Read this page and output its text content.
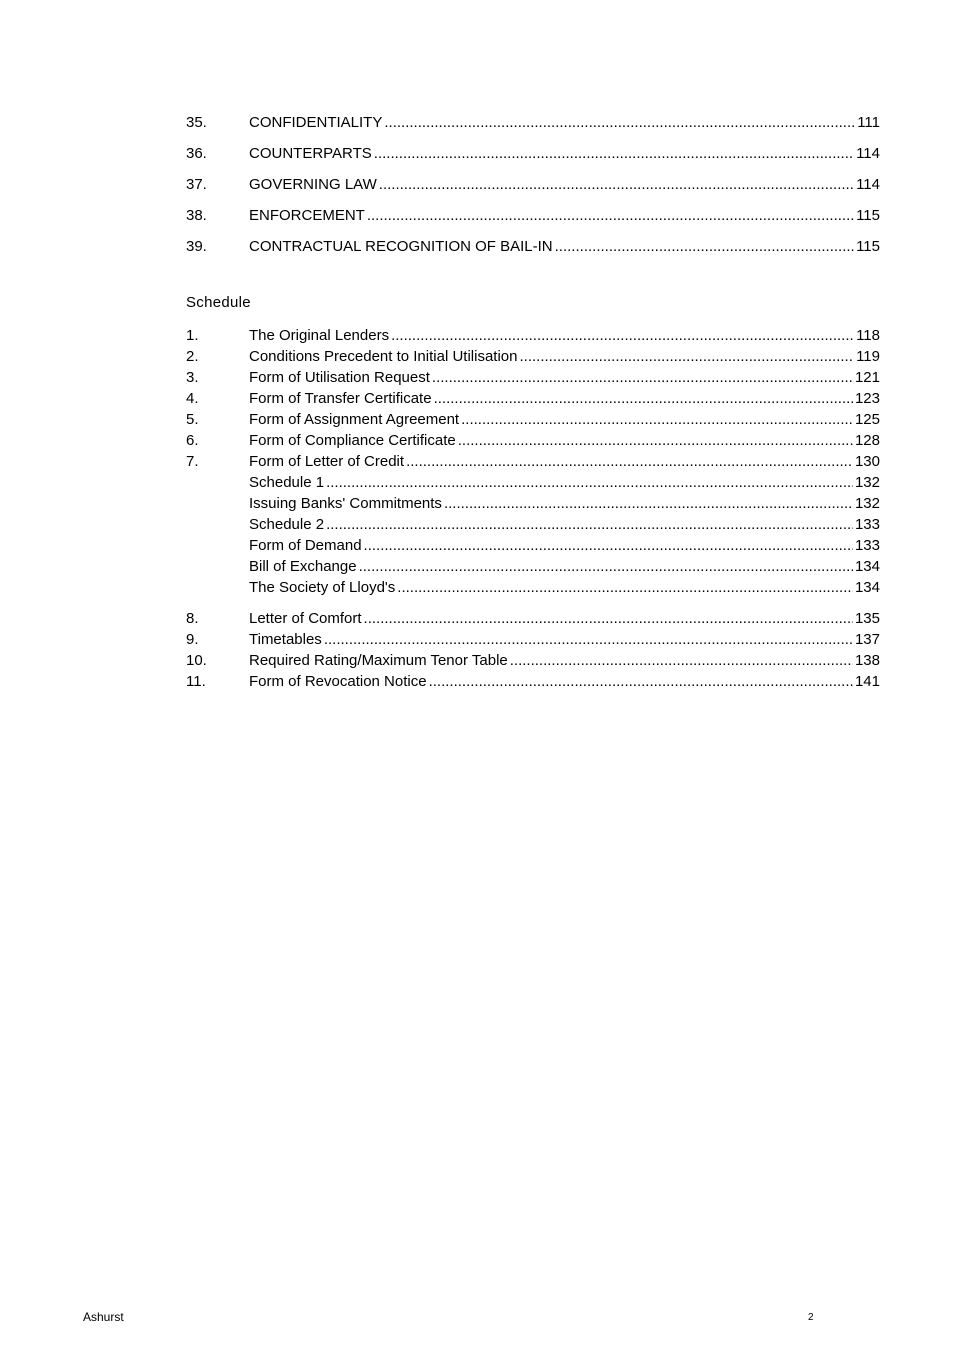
35.	CONFIDENTIALITY .....	111
36.	COUNTERPARTS .....	114
37.	GOVERNING LAW .....	114
38.	ENFORCEMENT .....	115
39.	CONTRACTUAL RECOGNITION OF BAIL-IN .....	115
Schedule
1.	The Original Lenders .....	118
2.	Conditions Precedent to Initial Utilisation .....	119
3.	Form of Utilisation Request .....	121
4.	Form of Transfer Certificate .....	123
5.	Form of Assignment Agreement .....	125
6.	Form of Compliance Certificate .....	128
7.	Form of Letter of Credit .....	130
Schedule 1 .....	132
Issuing Banks' Commitments .....	132
Schedule 2 .....	133
Form of Demand .....	133
Bill of Exchange .....	134
The Society of Lloyd's .....	134
8.	Letter of Comfort .....	135
9.	Timetables .....	137
10.	Required Rating/Maximum Tenor Table .....	138
11.	Form of Revocation Notice .....	141
Ashurst	2
